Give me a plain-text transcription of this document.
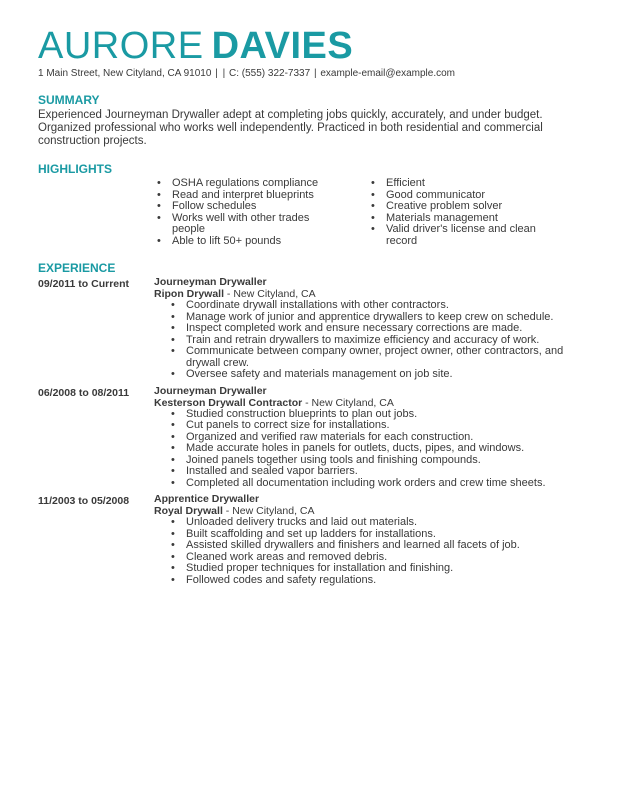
AURORE DAVIES
1 Main Street, New Cityland, CA 91010 | | C: (555) 322-7337 | example-email@example.com
SUMMARY
Experienced Journeyman Drywaller adept at completing jobs quickly, accurately, and under budget. Organized professional who works well independently. Practiced in both residential and commercial construction projects.
HIGHLIGHTS
• OSHA regulations compliance
• Read and interpret blueprints
• Follow schedules
• Works well with other trades people
• Able to lift 50+ pounds
• Efficient
• Good communicator
• Creative problem solver
• Materials management
• Valid driver's license and clean record
EXPERIENCE
09/2011 to Current	Journeyman Drywaller
Ripon Drywall - New Cityland, CA
• Coordinate drywall installations with other contractors.
• Manage work of junior and apprentice drywallers to keep crew on schedule.
• Inspect completed work and ensure necessary corrections are made.
• Train and retrain drywallers to maximize efficiency and accuracy of work.
• Communicate between company owner, project owner, other contractors, and drywall crew.
• Oversee safety and materials management on job site.
06/2008 to 08/2011	Journeyman Drywaller
Kesterson Drywall Contractor - New Cityland, CA
• Studied construction blueprints to plan out jobs.
• Cut panels to correct size for installations.
• Organized and verified raw materials for each construction.
• Made accurate holes in panels for outlets, ducts, pipes, and windows.
• Joined panels together using tools and finishing compounds.
• Installed and sealed vapor barriers.
• Completed all documentation including work orders and crew time sheets.
11/2003 to 05/2008	Apprentice Drywaller
Royal Drywall - New Cityland, CA
• Unloaded delivery trucks and laid out materials.
• Built scaffolding and set up ladders for installations.
• Assisted skilled drywallers and finishers and learned all facets of job.
• Cleaned work areas and removed debris.
• Studied proper techniques for installation and finishing.
• Followed codes and safety regulations.
